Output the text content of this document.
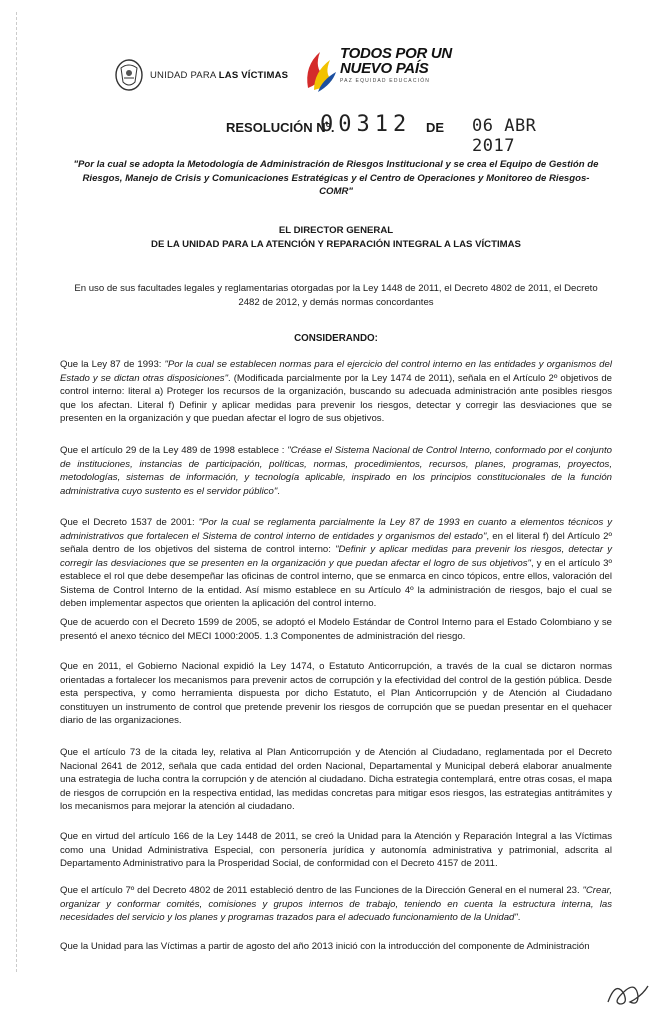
UNIDAD PARA LAS VÍCTIMAS
TODOS POR UN
NUEVO PAÍS
PAZ EQUIDAD EDUCACIÓN
RESOLUCIÓN N°.
00312 DE 06 ABR 2017
"Por la cual se adopta la Metodología de Administración de Riesgos Institucional y se crea el Equipo de Gestión de Riesgos, Manejo de Crisis y Comunicaciones Estratégicas y el Centro de Operaciones y Monitoreo de Riesgos-COMR"
EL DIRECTOR GENERAL
DE LA UNIDAD PARA LA ATENCIÓN Y REPARACIÓN INTEGRAL A LAS VÍCTIMAS
En uso de sus facultades legales y reglamentarias otorgadas por la Ley 1448 de 2011, el Decreto 4802 de 2011, el Decreto 2482 de 2012, y demás normas concordantes
CONSIDERANDO:
Que la Ley 87 de 1993: "Por la cual se establecen normas para el ejercicio del control interno en las entidades y organismos del Estado y se dictan otras disposiciones". (Modificada parcialmente por la Ley 1474 de 2011), señala en el Artículo 2º objetivos de control interno: literal a) Proteger los recursos de la organización, buscando su adecuada administración ante posibles riesgos que los afectan. Literal f) Definir y aplicar medidas para prevenir los riesgos, detectar y corregir las desviaciones que se presenten en la organización y que puedan afectar el logro de sus objetivos.
Que el artículo 29 de la Ley 489 de 1998 establece : "Créase el Sistema Nacional de Control Interno, conformado por el conjunto de instituciones, instancias de participación, políticas, normas, procedimientos, recursos, planes, programas, proyectos, metodologías, sistemas de información, y tecnología aplicable, inspirado en los principios constitucionales de la función administrativa cuyo sustento es el servidor público".
Que el Decreto 1537 de 2001: "Por la cual se reglamenta parcialmente la Ley 87 de 1993 en cuanto a elementos técnicos y administrativos que fortalecen el Sistema de control interno de entidades y organismos del estado", en el literal f) del Artículo 2º señala dentro de los objetivos del sistema de control interno: "Definir y aplicar medidas para prevenir los riesgos, detectar y corregir las desviaciones que se presenten en la organización y que puedan afectar el logro de sus objetivos", y en el artículo 3º establece el rol que debe desempeñar las oficinas de control interno, que se enmarca en cinco tópicos, entre ellos, valoración del Sistema de Control Interno de la entidad. Así mismo establece en su Artículo 4º la administración de riesgos, bajo el cual se deben implementar aspectos que orienten la aplicación del control interno.
Que de acuerdo con el Decreto 1599 de 2005, se adoptó el Modelo Estándar de Control Interno para el Estado Colombiano y se presentó el anexo técnico del MECI 1000:2005. 1.3 Componentes de administración del riesgo.
Que en 2011, el Gobierno Nacional expidió la Ley 1474, o Estatuto Anticorrupción, a través de la cual se dictaron normas orientadas a fortalecer los mecanismos para prevenir actos de corrupción y la efectividad del control de la gestión pública. Desde esta perspectiva, y como herramienta dispuesta por dicho Estatuto, el Plan Anticorrupción y de Atención al Ciudadano constituyen un instrumento de control que pretende prevenir los riesgos de corrupción que se puedan presentar en el quehacer diario de las organizaciones.
Que el artículo 73 de la citada ley, relativa al Plan Anticorrupción y de Atención al Ciudadano, reglamentada por el Decreto Nacional 2641 de 2012, señala que cada entidad del orden Nacional, Departamental y Municipal deberá elaborar anualmente una estrategia de lucha contra la corrupción y de atención al ciudadano. Dicha estrategia contemplará, entre otras cosas, el mapa de riesgos de corrupción en la respectiva entidad, las medidas concretas para mitigar esos riesgos, las estrategias antitrámites y los mecanismos para mejorar la atención al ciudadano.
Que en virtud del artículo 166 de la Ley 1448 de 2011, se creó la Unidad para la Atención y Reparación Integral a las Víctimas como una Unidad Administrativa Especial, con personería jurídica y autonomía administrativa y patrimonial, adscrita al Departamento Administrativo para la Prosperidad Social, de conformidad con el Decreto 4157 de 2011.
Que el artículo 7º del Decreto 4802 de 2011 estableció dentro de las Funciones de la Dirección General en el numeral 23. "Crear, organizar y conformar comités, comisiones y grupos internos de trabajo, teniendo en cuenta la estructura interna, las necesidades del servicio y los planes y programas trazados para el adecuado funcionamiento de la Unidad".
Que la Unidad para las Víctimas a partir de agosto del año 2013 inició con la introducción del componente de Administración
